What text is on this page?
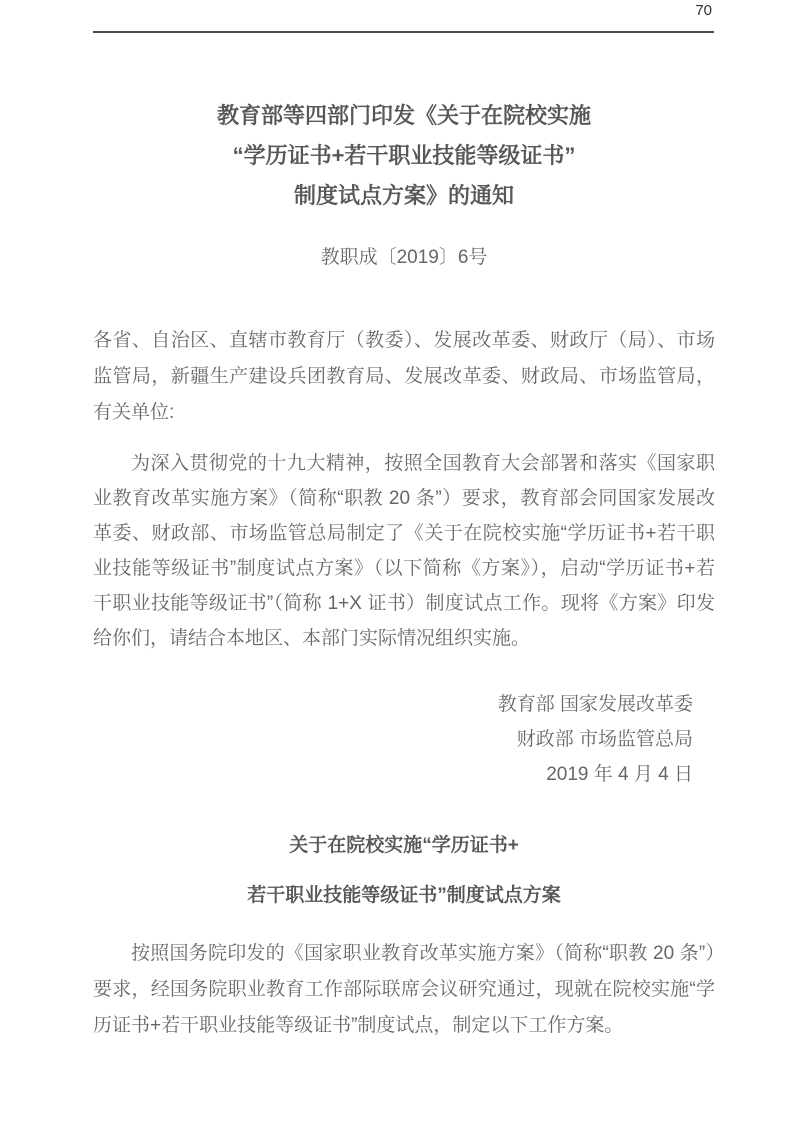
70
教育部等四部门印发《关于在院校实施
“学历证书+若干职业技能等级证书”
制度试点方案》的通知
教职成〔2019〕6号
各省、自治区、直辖市教育厅（教委）、发展改革委、财政厅（局）、市场监管局，新疆生产建设兵团教育局、发展改革委、财政局、市场监管局，有关单位:
为深入贯彻党的十九大精神，按照全国教育大会部署和落实《国家职业教育改革实施方案》（简称“职教 20 条”）要求，教育部会同国家发展改革委、财政部、市场监管总局制定了《关于在院校实施“学历证书+若干职业技能等级证书”制度试点方案》（以下简称《方案》），启动“学历证书+若干职业技能等级证书”（简称 1+X 证书）制度试点工作。现将《方案》印发给你们，请结合本地区、本部门实际情况组织实施。
教育部 国家发展改革委
财政部 市场监管总局
2019 年 4 月 4 日
关于在院校实施“学历证书+
若干职业技能等级证书”制度试点方案
按照国务院印发的《国家职业教育改革实施方案》（简称“职教 20 条”）要求，经国务院职业教育工作部际联席会议研究通过，现就在院校实施“学历证书+若干职业技能等级证书”制度试点，制定以下工作方案。
